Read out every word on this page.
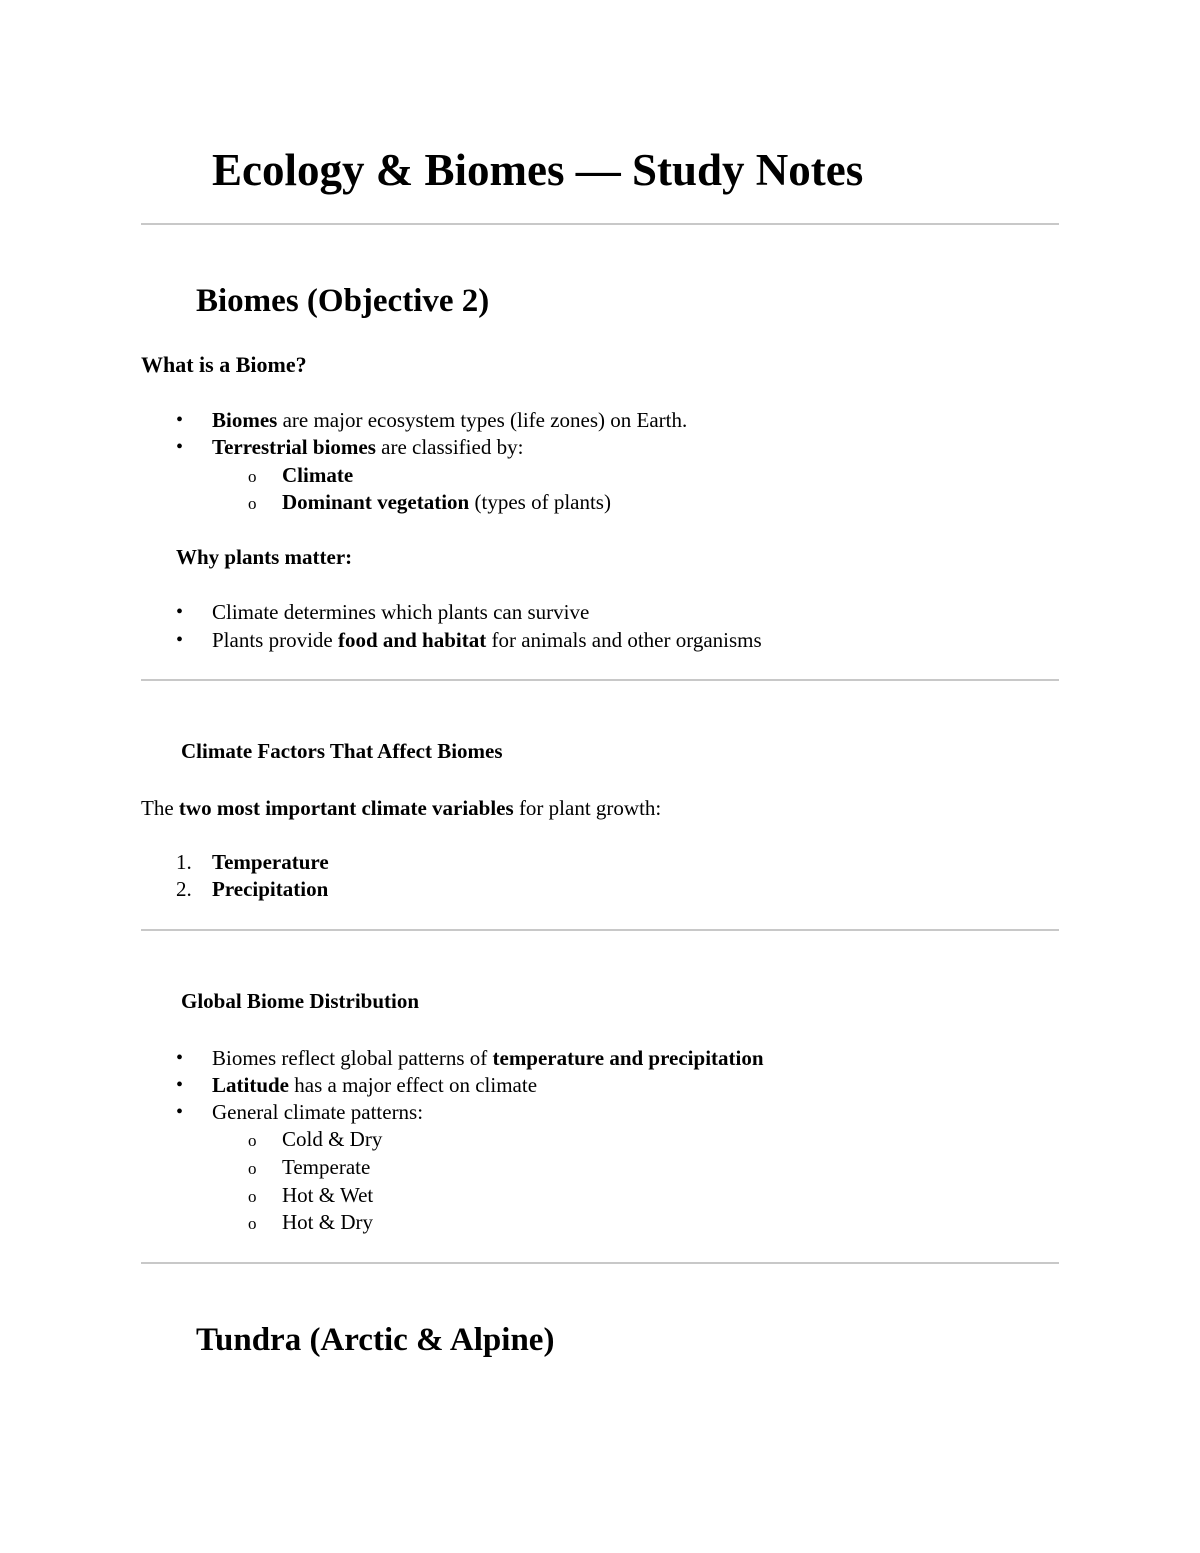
Ecology & Biomes — Study Notes
Biomes (Objective 2)
What is a Biome?
• Biomes are major ecosystem types (life zones) on Earth.
• Terrestrial biomes are classified by:
o Climate
o Dominant vegetation (types of plants)
Why plants matter:
• Climate determines which plants can survive
• Plants provide food and habitat for animals and other organisms
Climate Factors That Affect Biomes
The two most important climate variables for plant growth:
1. Temperature
2. Precipitation
Global Biome Distribution
• Biomes reflect global patterns of temperature and precipitation
• Latitude has a major effect on climate
• General climate patterns:
o Cold & Dry
o Temperate
o Hot & Wet
o Hot & Dry
Tundra (Arctic & Alpine)
